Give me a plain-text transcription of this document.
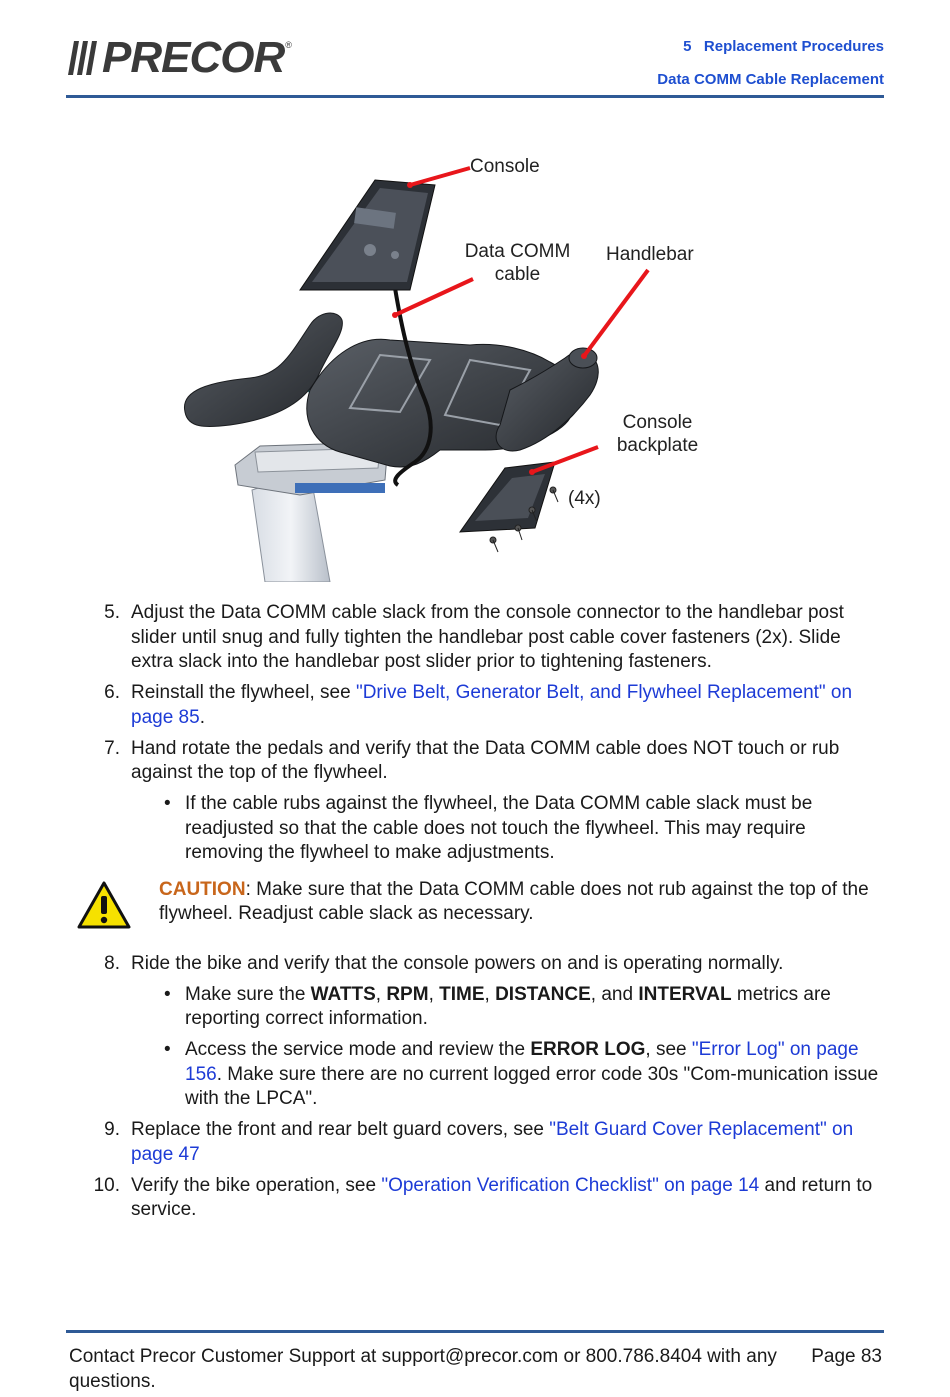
PRECOR ®	5   Replacement Procedures
Data COMM Cable Replacement
Console
Data COMM
cable
Handlebar
Console
backplate
(4x)
5. Adjust the Data COMM cable slack from the console connector to the handlebar post slider until snug and fully tighten the handlebar post cable cover fasteners (2x). Slide extra slack into the handlebar post slider prior to tightening fasteners.
6. Reinstall the flywheel, see "Drive Belt, Generator Belt, and Flywheel Replacement" on page 85.
7. Hand rotate the pedals and verify that the Data COMM cable does NOT touch or rub against the top of the flywheel.
• If the cable rubs against the flywheel, the Data COMM cable slack must be readjusted so that the cable does not touch the flywheel. This may require removing the flywheel to make adjustments.
CAUTION: Make sure that the Data COMM cable does not rub against the top of the flywheel. Readjust cable slack as necessary.
8. Ride the bike and verify that the console powers on and is operating normally.
• Make sure the WATTS, RPM, TIME, DISTANCE, and INTERVAL metrics are reporting correct information.
• Access the service mode and review the ERROR LOG, see "Error Log" on page 156. Make sure there are no current logged error code 30s "Com-munication issue with the LPCA".
9. Replace the front and rear belt guard covers, see "Belt Guard Cover Replacement" on page 47
10. Verify the bike operation, see "Operation Verification Checklist" on page 14 and return to service.
Contact Precor Customer Support at support@precor.com or 800.786.8404 with any questions.
Page 83
